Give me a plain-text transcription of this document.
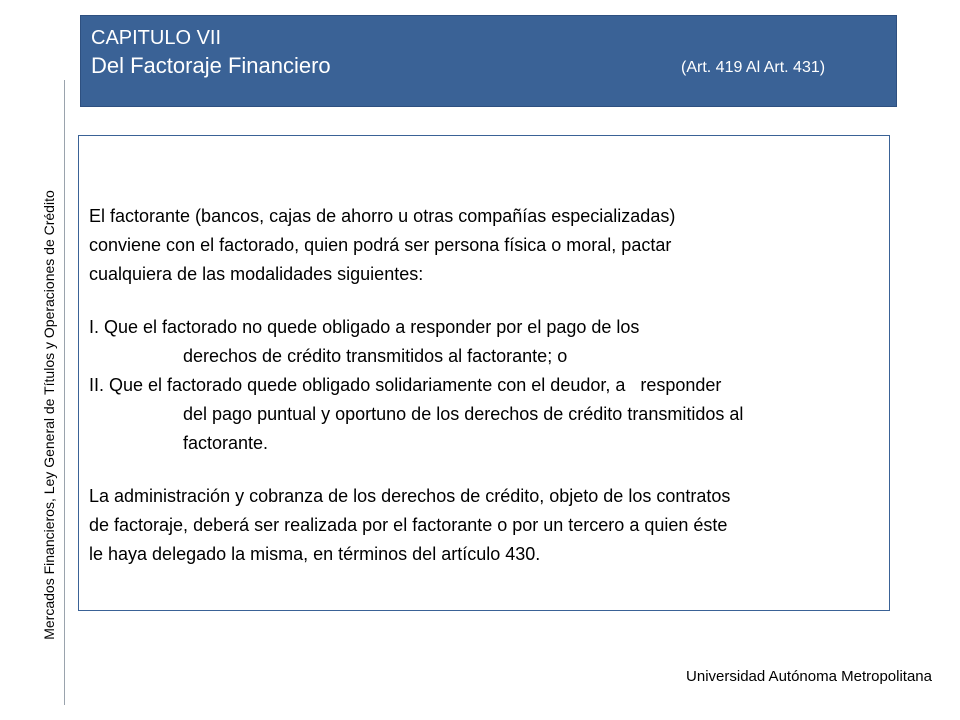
CAPITULO VII
Del Factoraje Financiero	(Art. 419 Al Art. 431)
Mercados Financieros, Ley General de Títulos y Operaciones de Crédito El factorante (bancos, cajas de ahorro u otras compañías especializadas)

conviene con el factorado, quien podrá ser persona física o moral, pactar

cualquiera de las modalidades siguientes:

I. Que el factorado no quede obligado a responder por el pago de los

derechos de crédito transmitidos al factorante; o

II. Que el factorado quede obligado solidariamente con el deudor, a   responder

del pago puntual y oportuno de los derechos de crédito transmitidos al

factorante.

La administración y cobranza de los derechos de crédito, objeto de los contratos

de factoraje, deberá ser realizada por el factorante o por un tercero a quien éste

le haya delegado la misma, en términos del artículo 430.

Universidad Autónoma Metropolitana
